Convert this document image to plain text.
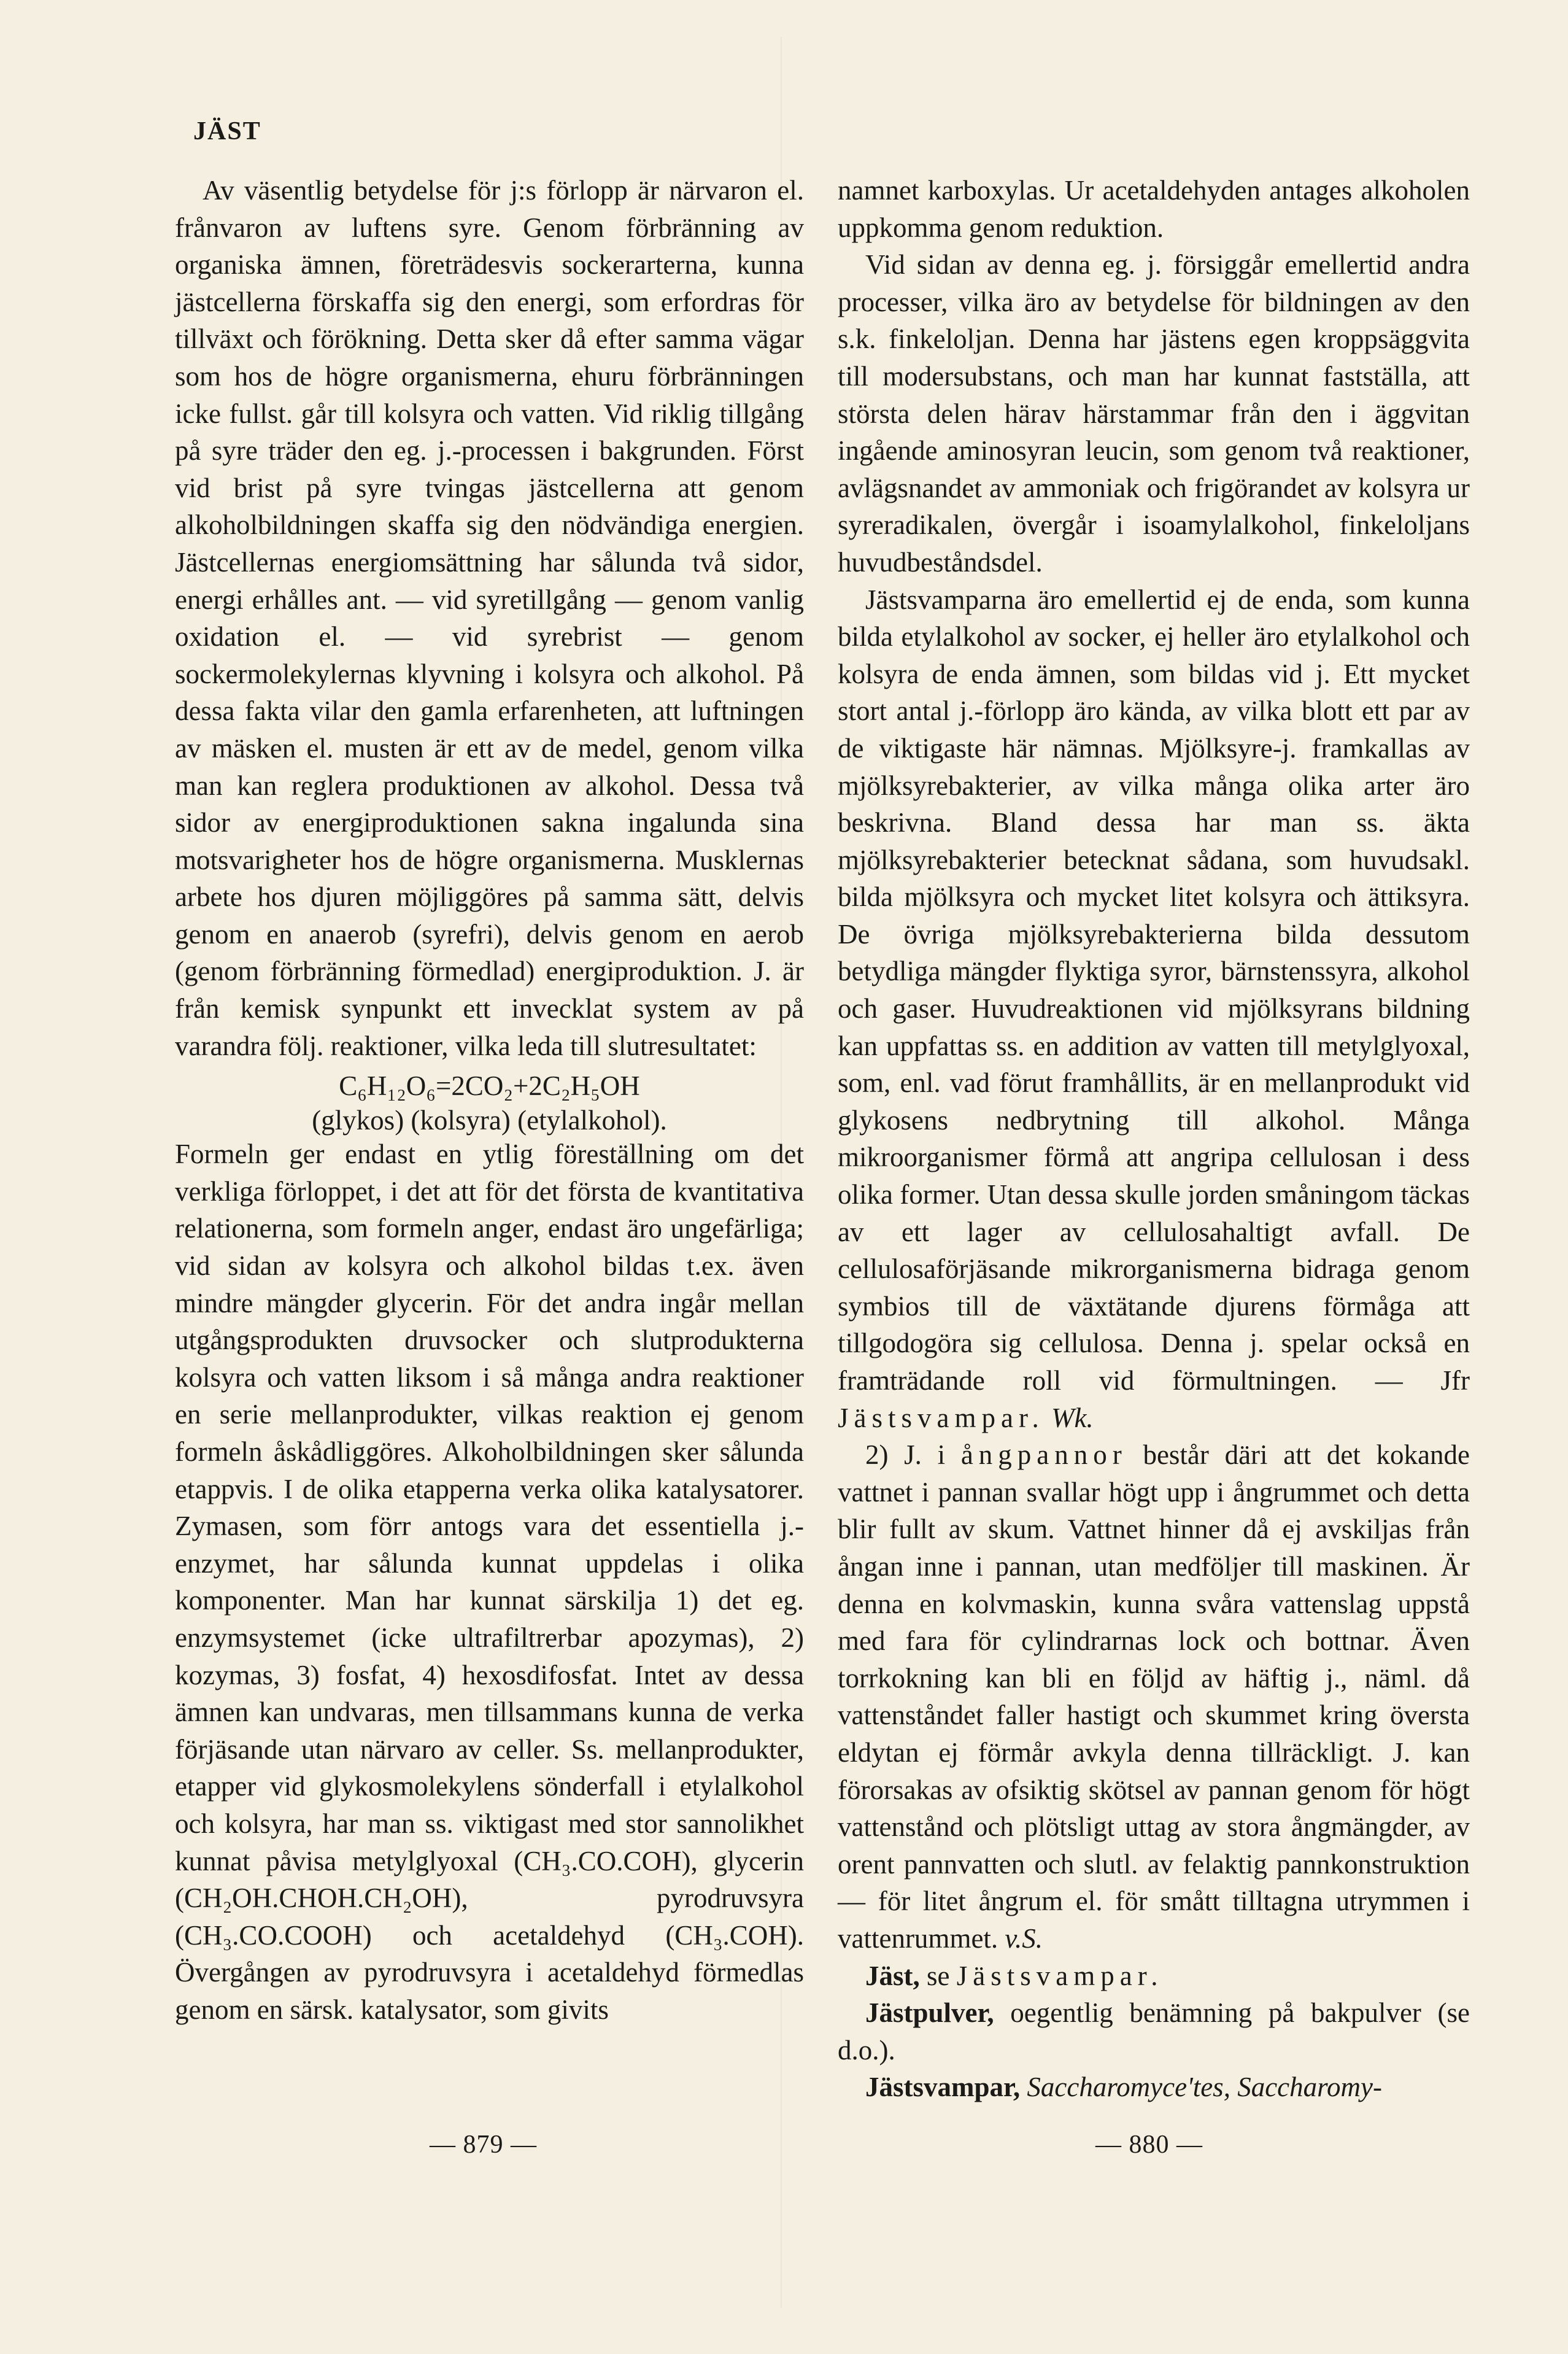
JÄST

Av väsentlig betydelse för j:s förlopp är närvaron el. frånvaron av luftens syre. Genom förbränning av organiska ämnen, företrädesvis sockerarterna, kunna jästcellerna förskaffa sig den energi, som erfordras för tillväxt och förökning. Detta sker då efter samma vägar som hos de högre organismerna, ehuru förbränningen icke fullst. går till kolsyra och vatten. Vid riklig tillgång på syre träder den eg. j.-processen i bakgrunden. Först vid brist på syre tvingas jästcellerna att genom alkoholbildningen skaffa sig den nödvändiga energien. Jästcellernas energiomsättning har sålunda två sidor, energi erhålles ant. — vid syretillgång — genom vanlig oxidation el. — vid syrebrist — genom sockermolekylernas klyvning i kolsyra och alkohol. På dessa fakta vilar den gamla erfarenheten, att luftningen av mäsken el. musten är ett av de medel, genom vilka man kan reglera produktionen av alkohol. Dessa två sidor av energiproduktionen sakna ingalunda sina motsvarigheter hos de högre organismerna. Musklernas arbete hos djuren möjliggöres på samma sätt, delvis genom en anaerob (syrefri), delvis genom en aerob (genom förbränning förmedlad) energiproduktion. J. är från kemisk synpunkt ett invecklat system av på varandra följ. reaktioner, vilka leda till slutresultatet:

C₆H₁₂O₆=2CO₂+2C₂H₅OH
(glykos) (kolsyra) (etylalkohol).

Formeln ger endast en ytlig föreställning om det verkliga förloppet, i det att för det första de kvantitativa relationerna, som formeln anger, endast äro ungefärliga; vid sidan av kolsyra och alkohol bildas t.ex. även mindre mängder glycerin. För det andra ingår mellan utgångsprodukten druvsocker och slutprodukterna kolsyra och vatten liksom i så många andra reaktioner en serie mellanprodukter, vilkas reaktion ej genom formeln åskådliggöres. Alkoholbildningen sker sålunda etappvis. I de olika etapperna verka olika katalysatorer. Zymasen, som förr antogs vara det essentiella j.-enzymet, har sålunda kunnat uppdelas i olika komponenter. Man har kunnat särskilja 1) det eg. enzymsystemet (icke ultrafiltrerbar apozymas), 2) kozymas, 3) fosfat, 4) hexosdifosfat. Intet av dessa ämnen kan undvaras, men tillsammans kunna de verka förjäsande utan närvaro av celler. Ss. mellanprodukter, etapper vid glykosmolekylens sönderfall i etylalkohol och kolsyra, har man ss. viktigast med stor sannolikhet kunnat påvisa metylglyoxal (CH₃.CO.COH), glycerin (CH₂OH.CHOH.CH₂OH), pyrodruvsyra (CH₃.CO.COOH) och acetaldehyd (CH₃.COH). Övergången av pyrodruvsyra i acetaldehyd förmedlas genom en särsk. katalysator, som givits

namnet karboxylas. Ur acetaldehyden antages alkoholen uppkomma genom reduktion.

Vid sidan av denna eg. j. försiggår emellertid andra processer, vilka äro av betydelse för bildningen av den s.k. finkeloljan. Denna har jästens egen kroppsäggvita till modersubstans, och man har kunnat fastställa, att största delen härav härstammar från den i äggvitan ingående aminosyran leucin, som genom två reaktioner, avlägsnandet av ammoniak och frigörandet av kolsyra ur syreradikalen, övergår i isoamylalkohol, finkeloljans huvudbeståndsdel.

Jästsvamparna äro emellertid ej de enda, som kunna bilda etylalkohol av socker, ej heller äro etylalkohol och kolsyra de enda ämnen, som bildas vid j. Ett mycket stort antal j.-förlopp äro kända, av vilka blott ett par av de viktigaste här nämnas. Mjölksyre-j. framkallas av mjölksyrebakterier, av vilka många olika arter äro beskrivna. Bland dessa har man ss. äkta mjölksyrebakterier betecknat sådana, som huvudsakl. bilda mjölksyra och mycket litet kolsyra och ättiksyra. De övriga mjölksyrebakterierna bilda dessutom betydliga mängder flyktiga syror, bärnstenssyra, alkohol och gaser. Huvudreaktionen vid mjölksyrans bildning kan uppfattas ss. en addition av vatten till metylglyoxal, som, enl. vad förut framhållits, är en mellanprodukt vid glykosens nedbrytning till alkohol. Många mikroorganismer förmå att angripa cellulosan i dess olika former. Utan dessa skulle jorden småningom täckas av ett lager av cellulosahaltigt avfall. De cellulosaförjäsande mikrorganismerna bidraga genom symbios till de växtätande djurens förmåga att tillgodogöra sig cellulosa. Denna j. spelar också en framträdande roll vid förmultningen. — Jfr Jästsvampar. Wk.

2) J. i ångpannor består däri att det kokande vattnet i pannan svallar högt upp i ångrummet och detta blir fullt av skum. Vattnet hinner då ej avskiljas från ångan inne i pannan, utan medföljer till maskinen. Är denna en kolvmaskin, kunna svåra vattenslag uppstå med fara för cylindrarnas lock och bottnar. Även torrkokning kan bli en följd av häftig j., näml. då vattenståndet faller hastigt och skummet kring översta eldytan ej förmår avkyla denna tillräckligt. J. kan förorsakas av ofsiktig skötsel av pannan genom för högt vattenstånd och plötsligt uttag av stora ångmängder, av orent pannvatten och slutl. av felaktig pannkonstruktion — för litet ångrum el. för smått tilltagna utrymmen i vattenrummet. v.S.

Jäst, se Jästsvampar.

Jästpulver, oegentlig benämning på bakpulver (se d.o.).

Jästsvampar, Saccharomyce'tes, Saccharomy-

— 879 —	— 880 —
